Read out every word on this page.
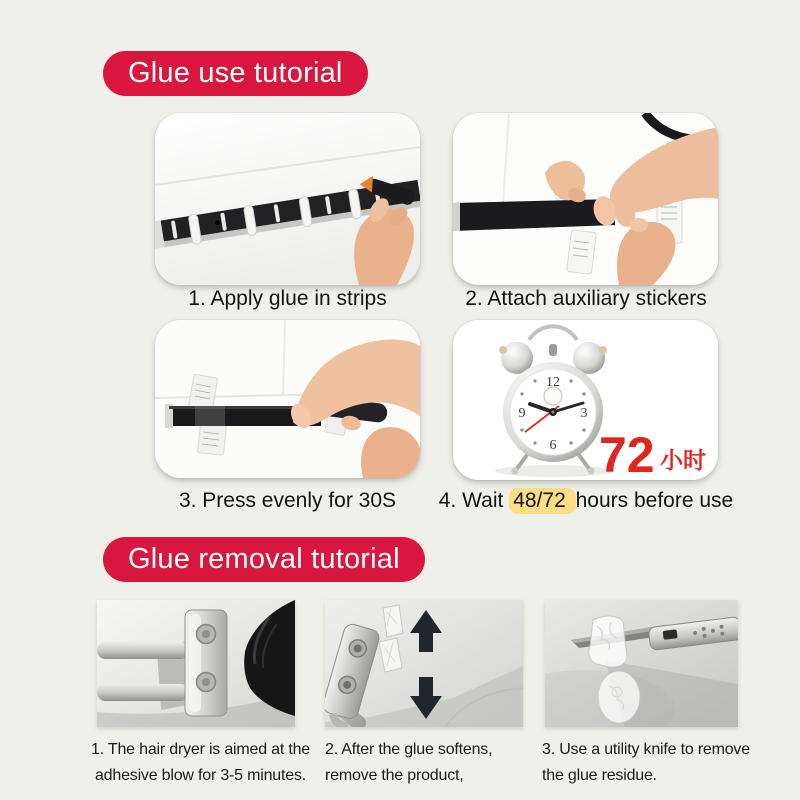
Glue use tutorial
1. Apply glue in strips	2. Attach auxiliary stickers
12
3
6
9
72 小时
3. Press evenly for 30S	4. Wait 48/72 hours before use
Glue removal tutorial
1. The hair dryer is aimed at the
adhesive blow for 3-5 minutes.
2. After the glue softens,
remove the product,
3. Use a utility knife to remove
the glue residue.
